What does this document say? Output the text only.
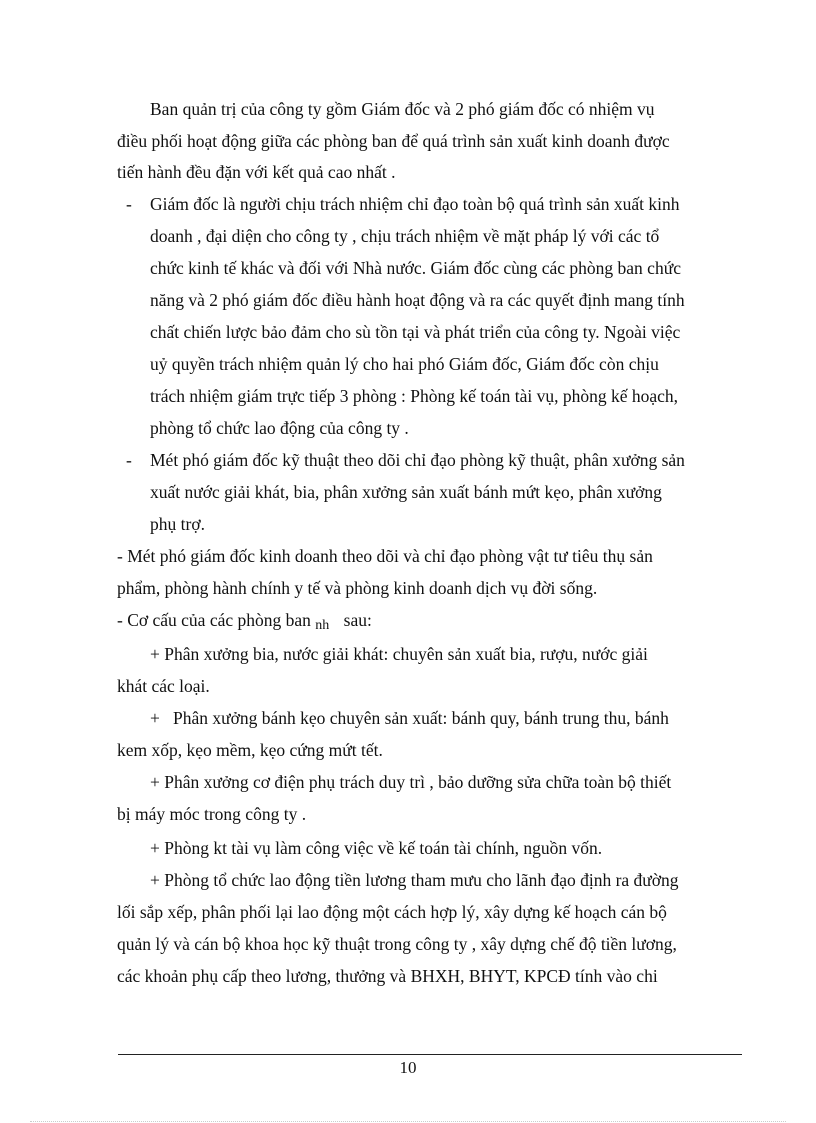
Ban quản trị của công ty gồm Giám đốc và 2 phó giám đốc có nhiệm vụ
điều phối hoạt động giữa các phòng ban để quá trình sản xuất kinh doanh được
tiến hành đều đặn với kết quả cao nhất .
- Giám đốc là người chịu trách nhiệm chỉ đạo toàn bộ quá trình sản xuất kinh
doanh , đại diện cho công ty , chịu trách nhiệm về mặt pháp lý với các tổ
chức kinh tế khác và đối với Nhà nước. Giám đốc cùng các phòng ban chức
năng và 2 phó giám đốc điều hành hoạt động và ra các quyết định mang tính
chất chiến lược bảo đảm cho sù tồn tại và phát triển của công ty. Ngoài việc
uỷ quyền trách nhiệm quản lý cho hai phó Giám đốc, Giám đốc còn chịu
trách nhiệm giám trực tiếp 3 phòng : Phòng kế toán tài vụ, phòng kế hoạch,
phòng tổ chức lao động của công ty .
- Mét phó giám đốc kỹ thuật theo dõi chỉ đạo phòng kỹ thuật, phân xưởng sản
xuất nước giải khát, bia, phân xưởng sản xuất bánh mứt kẹo, phân xưởng
phụ trợ.
- Mét phó giám đốc kinh doanh theo dõi và chỉ đạo phòng vật tư tiêu thụ sản
phẩm, phòng hành chính y tế và phòng kinh doanh dịch vụ đời sống.
- Cơ cấu của các phòng ban nh sau:
+ Phân xưởng bia, nước giải khát: chuyên sản xuất bia, rượu, nước giải
khát các loại.
+   Phân xưởng bánh kẹo chuyên sản xuất: bánh quy, bánh trung thu, bánh
kem xốp, kẹo mềm, kẹo cứng mứt tết.
+ Phân xưởng cơ điện phụ trách duy trì , bảo dưỡng sửa chữa toàn bộ thiết
bị máy móc trong công ty .
+ Phòng kt tài vụ làm công việc về kế toán tài chính, nguồn vốn.
+ Phòng tổ chức lao động tiền lương tham mưu cho lãnh đạo định ra đường
lối sắp xếp, phân phối lại lao động một cách hợp lý, xây dựng kế hoạch cán bộ
quản lý và cán bộ khoa học kỹ thuật trong công ty , xây dựng chế độ tiền lương,
các khoản phụ cấp theo lương, thưởng và BHXH, BHYT, KPCĐ tính vào chi
10
